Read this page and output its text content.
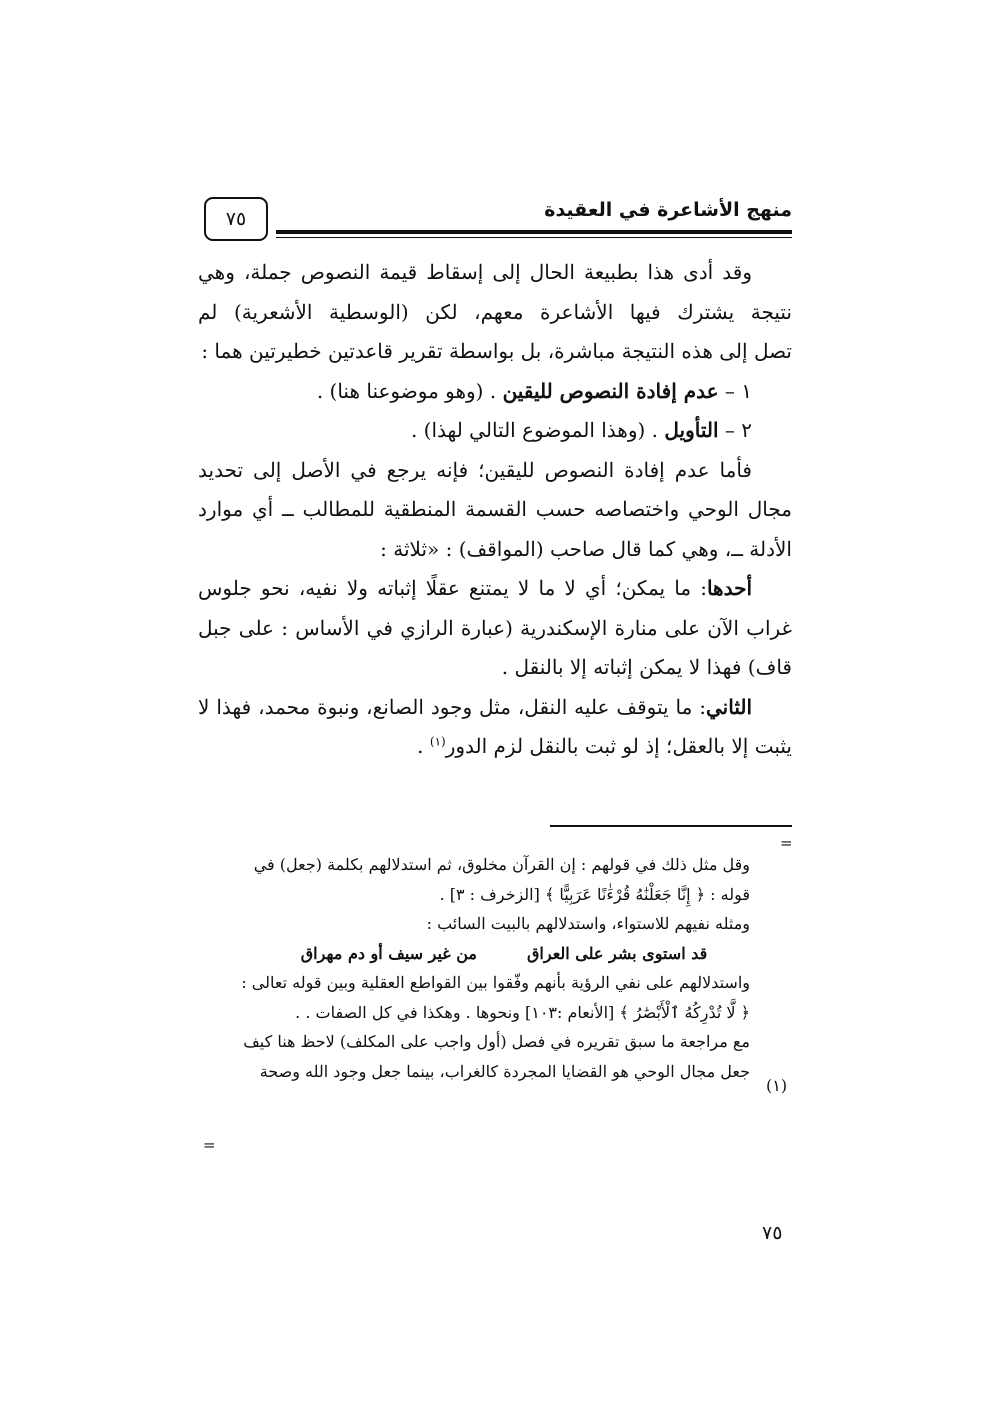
٧٥	منهج الأشاعرة في العقيدة

وقد أدى هذا بطبيعة الحال إلى إسقاط قيمة النصوص جملة، وهي نتيجة يشترك فيها الأشاعرة معهم، لكن (الوسطية الأشعرية) لم تصل إلى هذه النتيجة مباشرة، بل بواسطة تقرير قاعدتين خطيرتين هما :

١ – عدم إفادة النصوص لليقين . (وهو موضوعنا هنا) .

٢ – التأويل . (وهذا الموضوع التالي لهذا) .

فأما عدم إفادة النصوص لليقين؛ فإنه يرجع في الأصل إلى تحديد مجال الوحي واختصاصه حسب القسمة المنطقية للمطالب ــ أي موارد الأدلة ــ، وهي كما قال صاحب (المواقف) : «ثلاثة :

أحدها: ما يمكن؛ أي لا ما لا يمتنع عقلًا إثباته ولا نفيه، نحو جلوس غراب الآن على منارة الإسكندرية (عبارة الرازي في الأساس : على جبل قاف) فهذا لا يمكن إثباته إلا بالنقل .

الثاني: ما يتوقف عليه النقل، مثل وجود الصانع، ونبوة محمد، فهذا لا يثبت إلا بالعقل؛ إذ لو ثبت بالنقل لزم الدور$^{(١)}$ .

=

وقل مثل ذلك في قولهم : إن القرآن مخلوق، ثم استدلالهم بكلمة (جعل) في

قوله : ﴿ إِنَّا جَعَلْنَٰهُ قُرْءَٰنًا عَرَبِيًّا ﴾ [الزخرف : ٣] .

ومثله نفيهم للاستواء، واستدلالهم بالبيت السائب :

قد استوى بشر على العراق
من غير سيف أو دم مهراق

واستدلالهم على نفي الرؤية بأنهم وفّقوا بين القواطع العقلية وبين قوله تعالى :

﴿ لَّا تُدْرِكُهُ ٱلْأَبْصَٰرُ ﴾ [الأنعام :١٠٣] ونحوها . وهكذا في كل الصفات . .

مع مراجعة ما سبق تقريره في فصل (أول واجب على المكلف) لاحظ هنا كيف

جعل مجال الوحي هو القضايا المجردة كالغراب، بينما جعل وجود الله وصحة

(١)
=
٧٥
